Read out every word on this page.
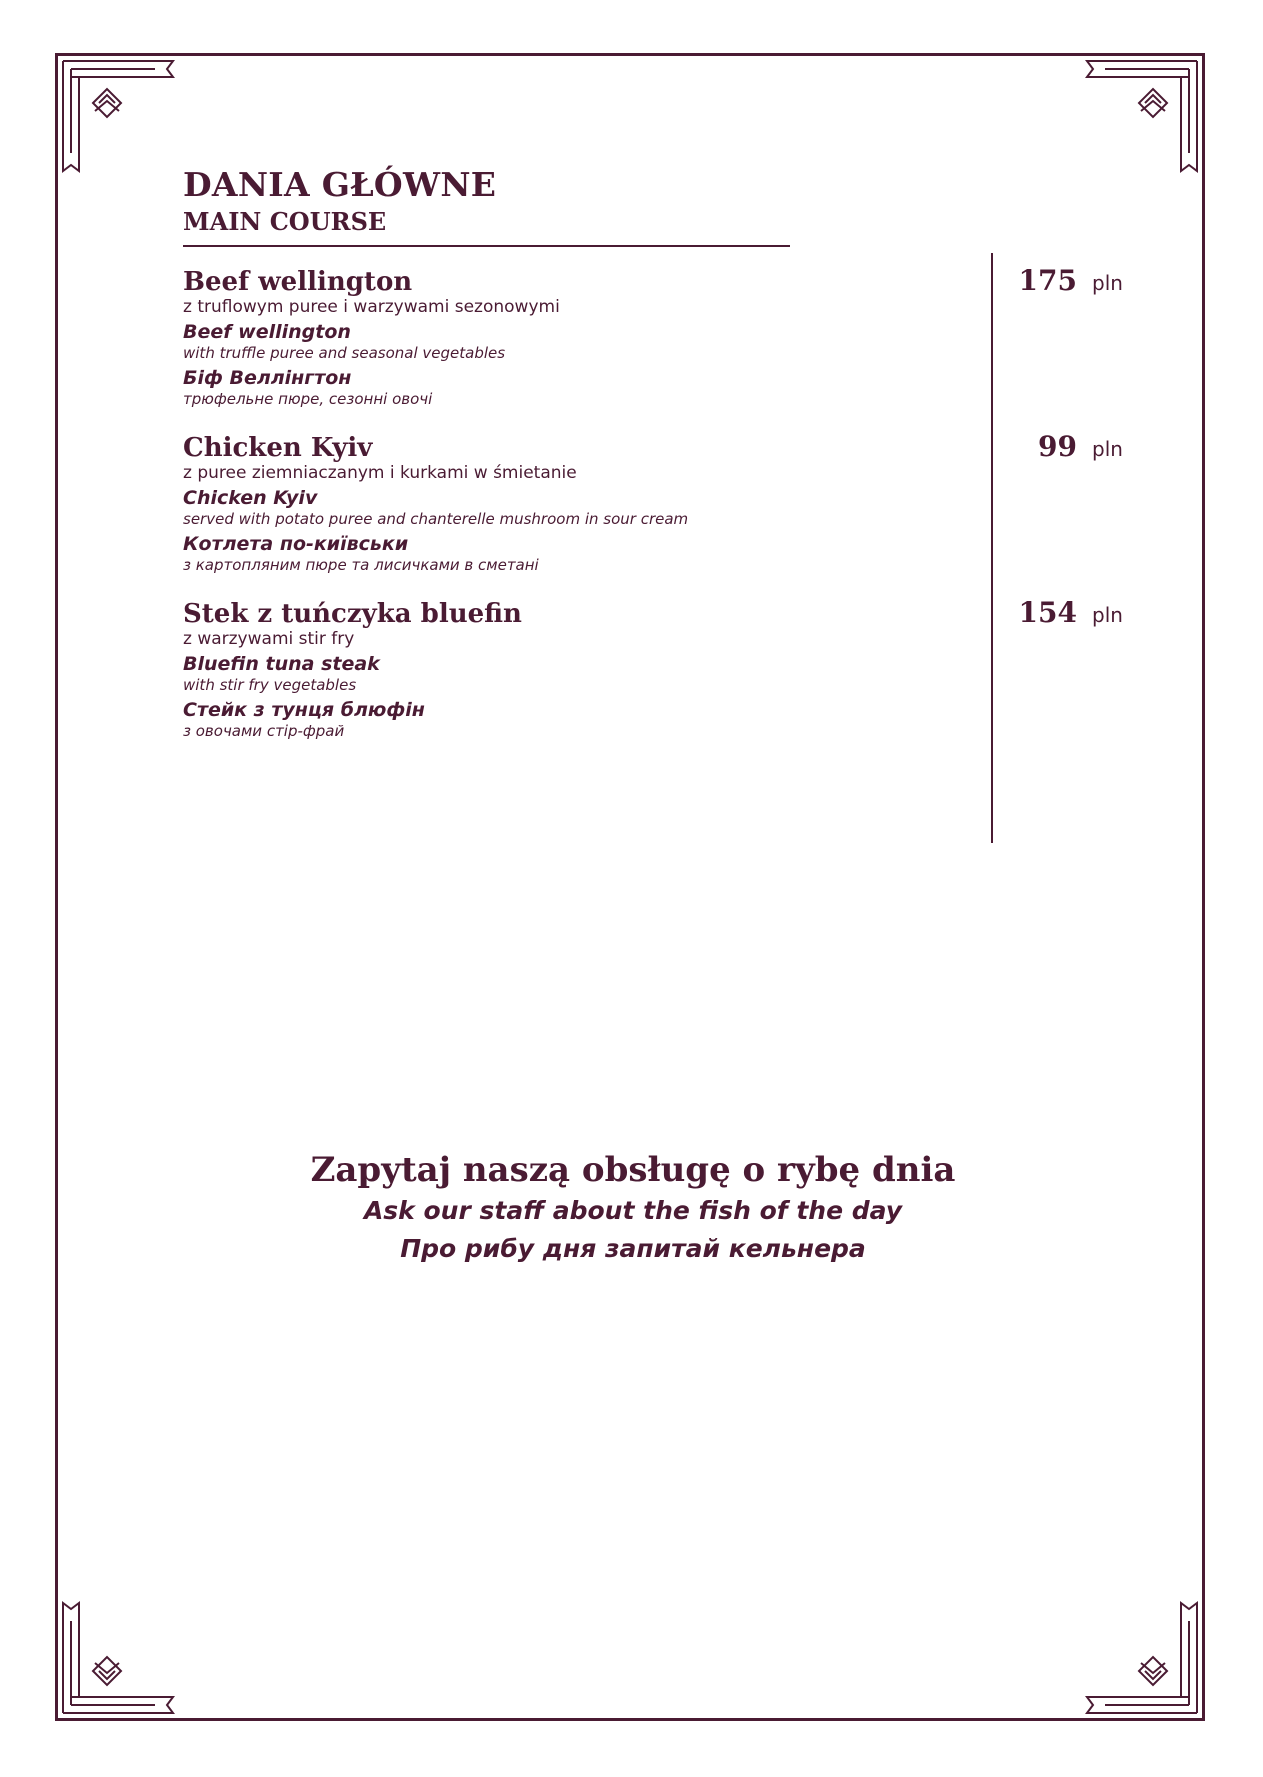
DANIA GŁÓWNE
MAIN COURSE
Beef wellington
z truflowym puree i warzywami sezonowymi
Beef wellington
with truffle puree and seasonal vegetables
Біф Веллінгтон
трюфельне пюре, сезонні овочі
175 pln
Chicken Kyiv
z puree ziemniaczanym i kurkami w śmietanie
Chicken Kyiv
served with potato puree and chanterelle mushroom in sour cream
Котлета по-київськи
з картопляним пюре та лисичками в сметані
99 pln
Stek z tuńczyka bluefin
z warzywami stir fry
Bluefin tuna steak
with stir fry vegetables
Стейк з тунця блюфін
з овочами стір-фрай
154 pln
Zapytaj naszą obsługę o rybę dnia
Ask our staff about the fish of the day
Про рибу дня запитай кельнера
